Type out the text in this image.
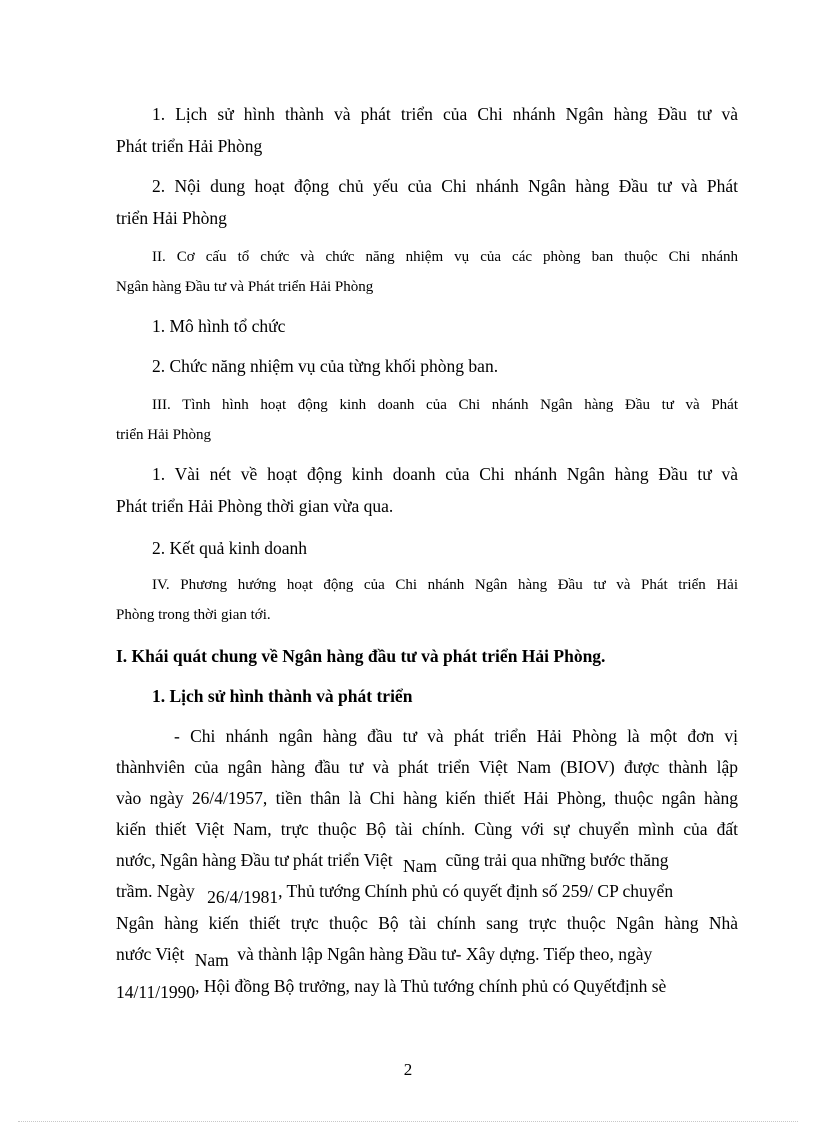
1. Lịch sử hình thành và phát triển của Chi nhánh Ngân hàng Đầu tư và
Phát triển Hải Phòng
2. Nội dung hoạt động chủ yếu của Chi nhánh Ngân hàng Đầu tư và Phát
triển Hải Phòng
II. Cơ cấu tổ chức và chức năng nhiệm vụ của các phòng ban thuộc Chi nhánh
Ngân hàng Đầu tư và Phát triển Hải Phòng
1. Mô hình tổ chức
2. Chức năng nhiệm vụ của từng khối phòng ban.
III. Tình hình hoạt động kinh doanh của Chi nhánh Ngân hàng Đầu tư và Phát
triển Hải Phòng
1. Vài nét về hoạt động kinh doanh của Chi nhánh Ngân hàng Đầu tư và
Phát triển Hải Phòng thời gian vừa qua.
2. Kết quả kinh doanh
IV. Phương hướng hoạt động của Chi nhánh Ngân hàng Đầu tư và Phát triển Hải
Phòng trong thời gian tới.
I. Khái quát chung về Ngân hàng đầu tư và phát triển Hải Phòng.
1. Lịch sử hình thành và phát triển
- Chi nhánh ngân hàng đầu tư và phát triển Hải Phòng là một đơn vị
thànhviên của ngân hàng đầu tư và phát triển Việt Nam (BIOV) được thành lập
vào ngày 26/4/1957, tiền thân là Chi hàng kiến thiết Hải Phòng, thuộc ngân hàng
kiến thiết Việt Nam, trực thuộc Bộ tài chính. Cùng với sự chuyển mình của đất
nước, Ngân hàng Đầu tư phát triển Việt Nam cũng trải qua những bước thăng
trầm. Ngày 26/4/1981, Thủ tướng Chính phủ có quyết định số 259/ CP chuyển
Ngân hàng kiến thiết trực thuộc Bộ tài chính sang trực thuộc Ngân hàng Nhà
nước Việt Nam và thành lập Ngân hàng Đầu tư- Xây dựng. Tiếp theo, ngày
14/11/1990, Hội đồng Bộ trưởng, nay là Thủ tướng chính phủ có Quyếtđịnh sè
2
